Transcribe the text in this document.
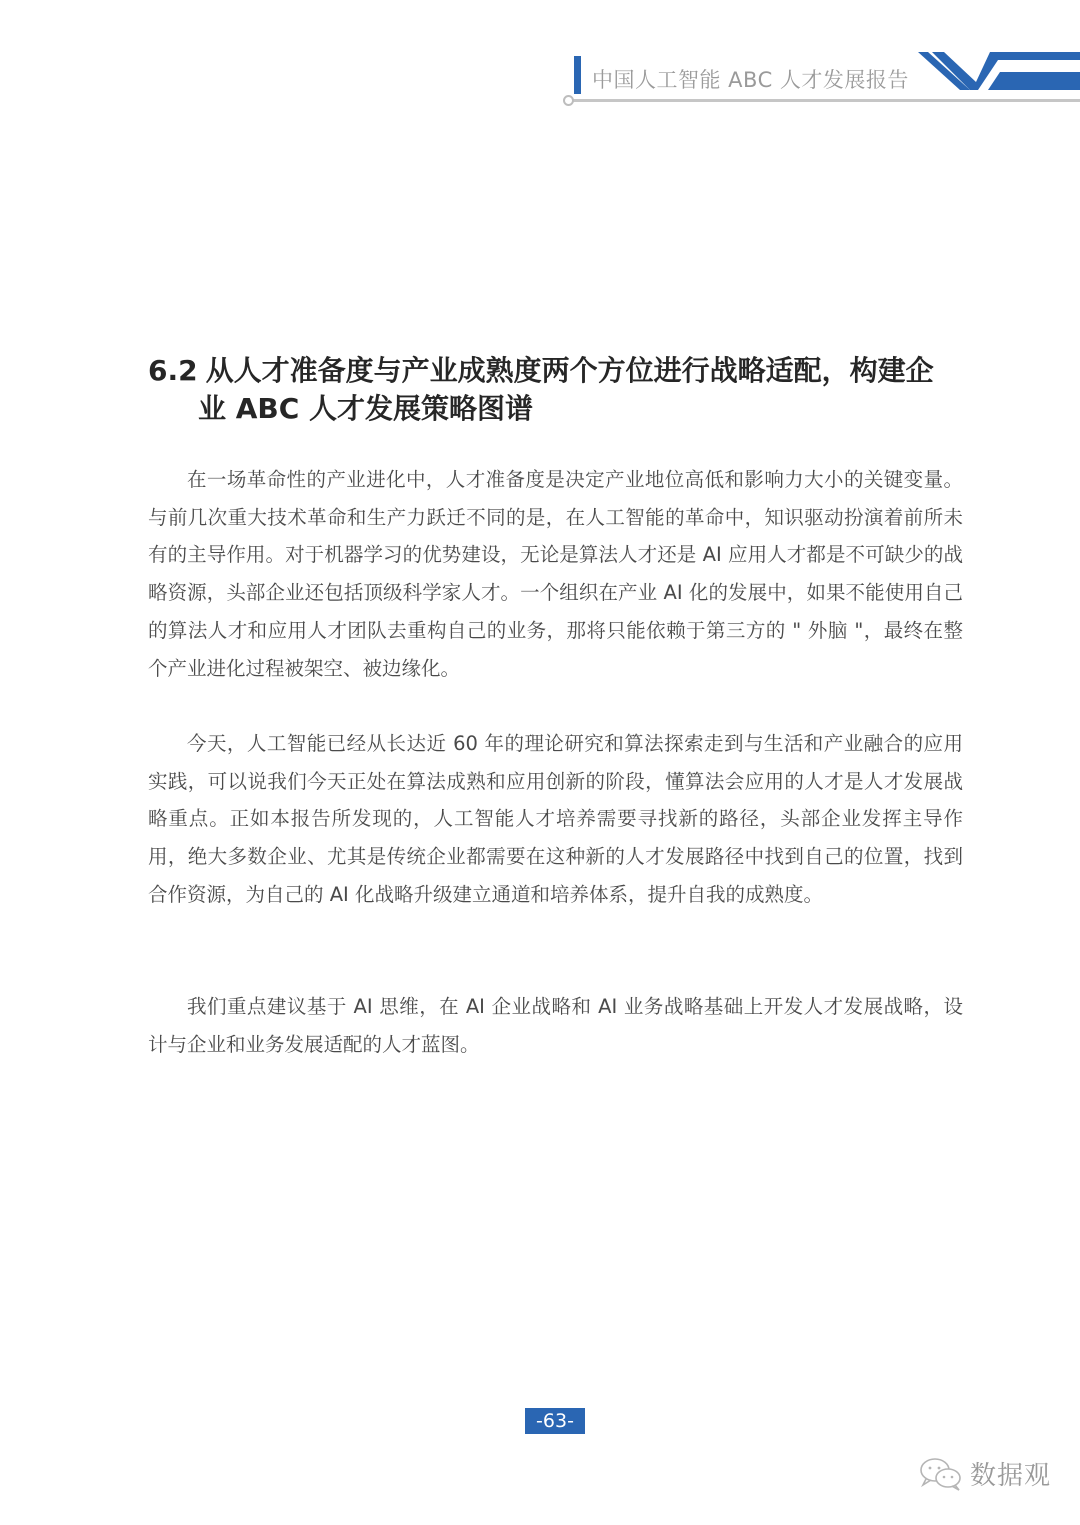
中国人工智能 ABC 人才发展报告
6.2 从人才准备度与产业成熟度两个方位进行战略适配，构建企
业 ABC 人才发展策略图谱

在一场革命性的产业进化中，人才准备度是决定产业地位高低和影响力大小的关键变量。与前几次重大技术革命和生产力跃迁不同的是，在人工智能的革命中，知识驱动扮演着前所未有的主导作用。对于机器学习的优势建设，无论是算法人才还是 AI 应用人才都是不可缺少的战略资源，头部企业还包括顶级科学家人才。一个组织在产业 AI 化的发展中，如果不能使用自己的算法人才和应用人才团队去重构自己的业务，那将只能依赖于第三方的 " 外脑 "，最终在整个产业进化过程被架空、被边缘化。

今天，人工智能已经从长达近 60 年的理论研究和算法探索走到与生活和产业融合的应用实践，可以说我们今天正处在算法成熟和应用创新的阶段，懂算法会应用的人才是人才发展战略重点。正如本报告所发现的，人工智能人才培养需要寻找新的路径，头部企业发挥主导作用，绝大多数企业、尤其是传统企业都需要在这种新的人才发展路径中找到自己的位置，找到合作资源，为自己的 AI 化战略升级建立通道和培养体系，提升自我的成熟度。

我们重点建议基于 AI 思维，在 AI 企业战略和 AI 业务战略基础上开发人才发展战略，设计与企业和业务发展适配的人才蓝图。

-63-
数据观
